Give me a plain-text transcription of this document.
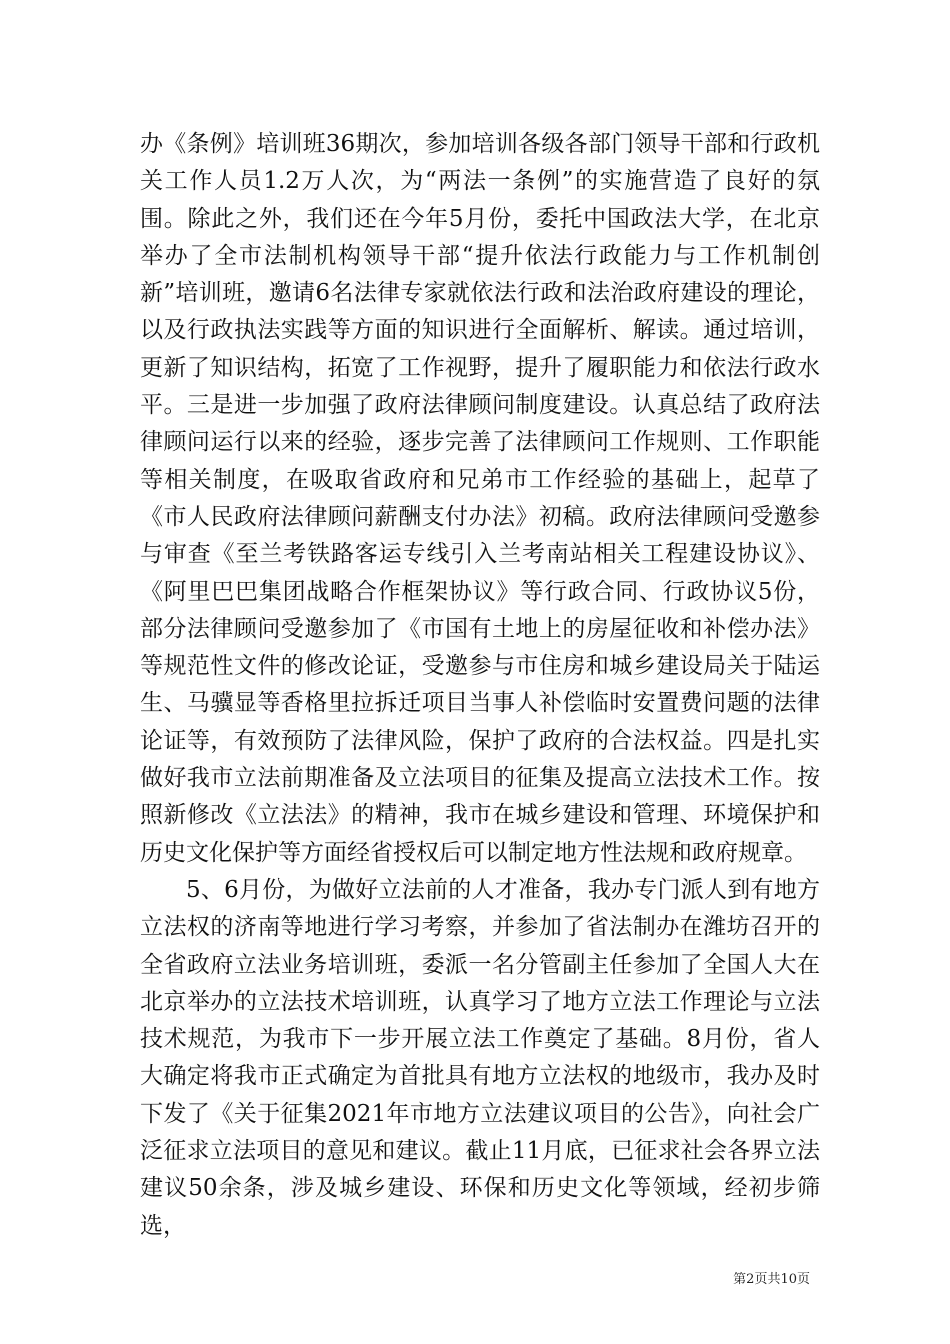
办《条例》培训班36期次，参加培训各级各部门领导干部和行政机关工作人员1.2万人次，为“两法一条例”的实施营造了良好的氛围。除此之外，我们还在今年5月份，委托中国政法大学，在北京举办了全市法制机构领导干部“提升依法行政能力与工作机制创新”培训班，邀请6名法律专家就依法行政和法治政府建设的理论，以及行政执法实践等方面的知识进行全面解析、解读。通过培训，更新了知识结构，拓宽了工作视野，提升了履职能力和依法行政水平。三是进一步加强了政府法律顾问制度建设。认真总结了政府法律顾问运行以来的经验，逐步完善了法律顾问工作规则、工作职能等相关制度，在吸取省政府和兄弟市工作经验的基础上，起草了《市人民政府法律顾问薪酬支付办法》初稿。政府法律顾问受邀参与审查《至兰考铁路客运专线引入兰考南站相关工程建设协议》、《阿里巴巴集团战略合作框架协议》等行政合同、行政协议5份，部分法律顾问受邀参加了《市国有土地上的房屋征收和补偿办法》等规范性文件的修改论证，受邀参与市住房和城乡建设局关于陆运生、马骥显等香格里拉拆迁项目当事人补偿临时安置费问题的法律论证等，有效预防了法律风险，保护了政府的合法权益。四是扎实做好我市立法前期准备及立法项目的征集及提高立法技术工作。按照新修改《立法法》的精神，我市在城乡建设和管理、环境保护和历史文化保护等方面经省授权后可以制定地方性法规和政府规章。

5、6月份，为做好立法前的人才准备，我办专门派人到有地方立法权的济南等地进行学习考察，并参加了省法制办在潍坊召开的全省政府立法业务培训班，委派一名分管副主任参加了全国人大在北京举办的立法技术培训班，认真学习了地方立法工作理论与立法技术规范，为我市下一步开展立法工作奠定了基础。8月份，省人大确定将我市正式确定为首批具有地方立法权的地级市，我办及时下发了《关于征集2021年市地方立法建议项目的公告》，向社会广泛征求立法项目的意见和建议。截止11月底，已征求社会各界立法建议50余条，涉及城乡建设、环保和历史文化等领域，经初步筛选，

第2页共10页
